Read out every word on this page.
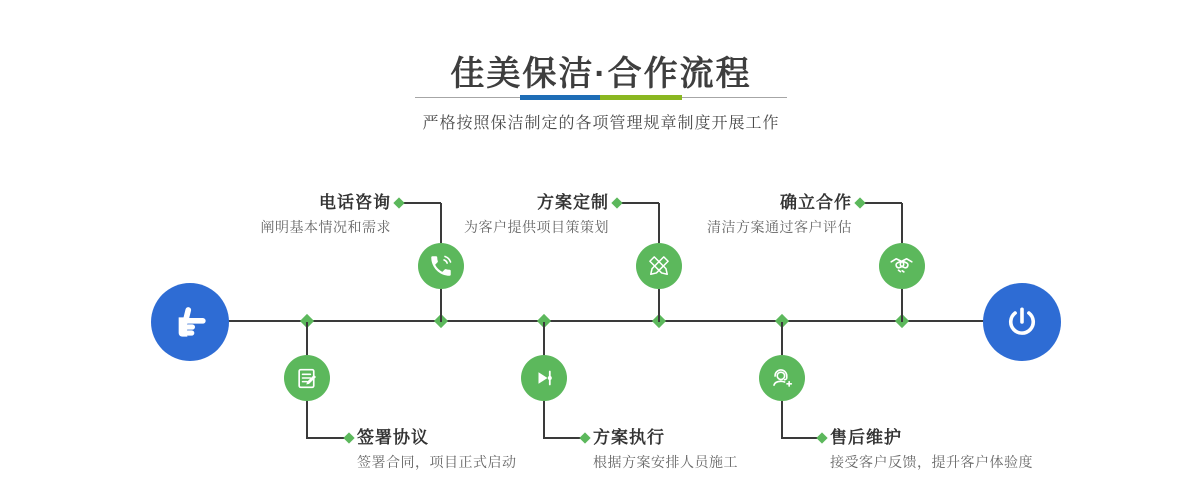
佳美保洁·合作流程
严格按照保洁制定的各项管理规章制度开展工作
电话咨询
阐明基本情况和需求
签署协议
签署合同，项目正式启动
方案定制
为客户提供项目策策划
方案执行
根据方案安排人员施工
确立合作
清洁方案通过客户评估
售后维护
接受客户反馈，提升客户体验度
